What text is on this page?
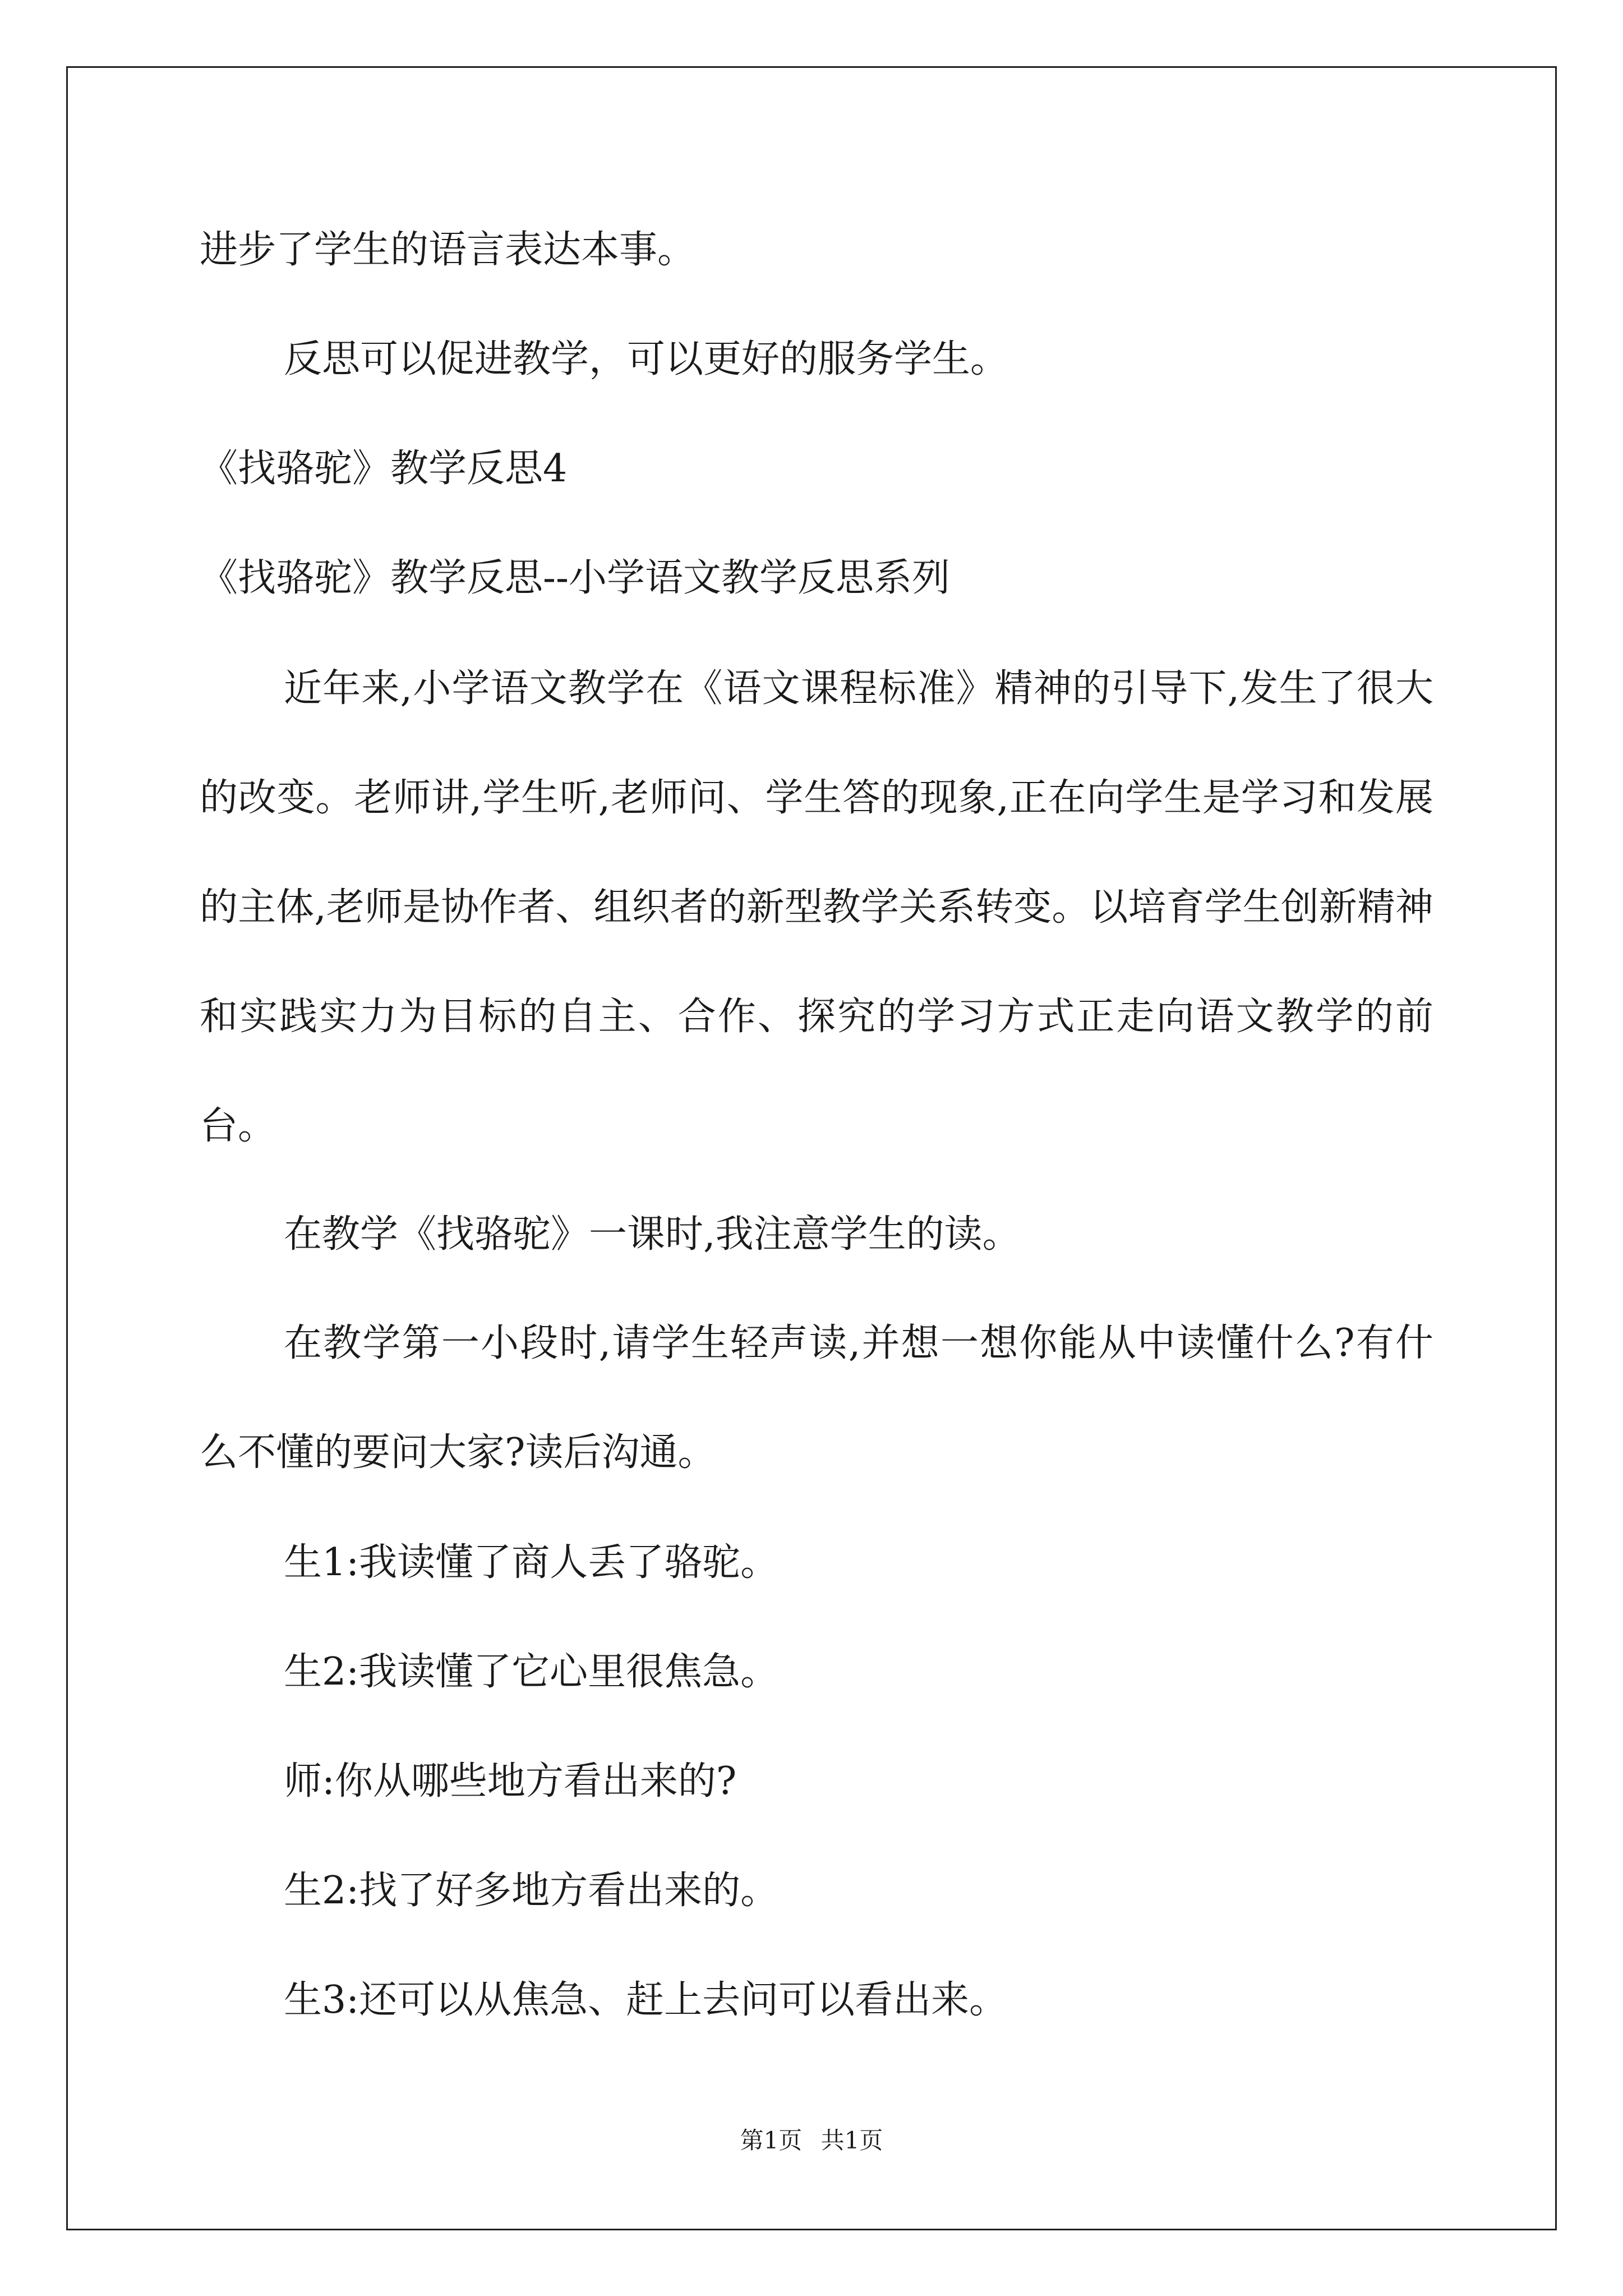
进步了学生的语言表达本事。
反思可以促进教学，可以更好的服务学生。
《找骆驼》教学反思4
《找骆驼》教学反思--小学语文教学反思系列
近年来,小学语文教学在《语文课程标准》精神的引导下,发生了很大的改变。老师讲,学生听,老师问、学生答的现象,正在向学生是学习和发展的主体,老师是协作者、组织者的新型教学关系转变。以培育学生创新精神和实践实力为目标的自主、合作、探究的学习方式正走向语文教学的前台。
在教学《找骆驼》一课时,我注意学生的读。
在教学第一小段时,请学生轻声读,并想一想你能从中读懂什么?有什么不懂的要问大家?读后沟通。
生1:我读懂了商人丢了骆驼。
生2:我读懂了它心里很焦急。
师:你从哪些地方看出来的?
生2:找了好多地方看出来的。
生3:还可以从焦急、赶上去问可以看出来。
第1页 共1页
